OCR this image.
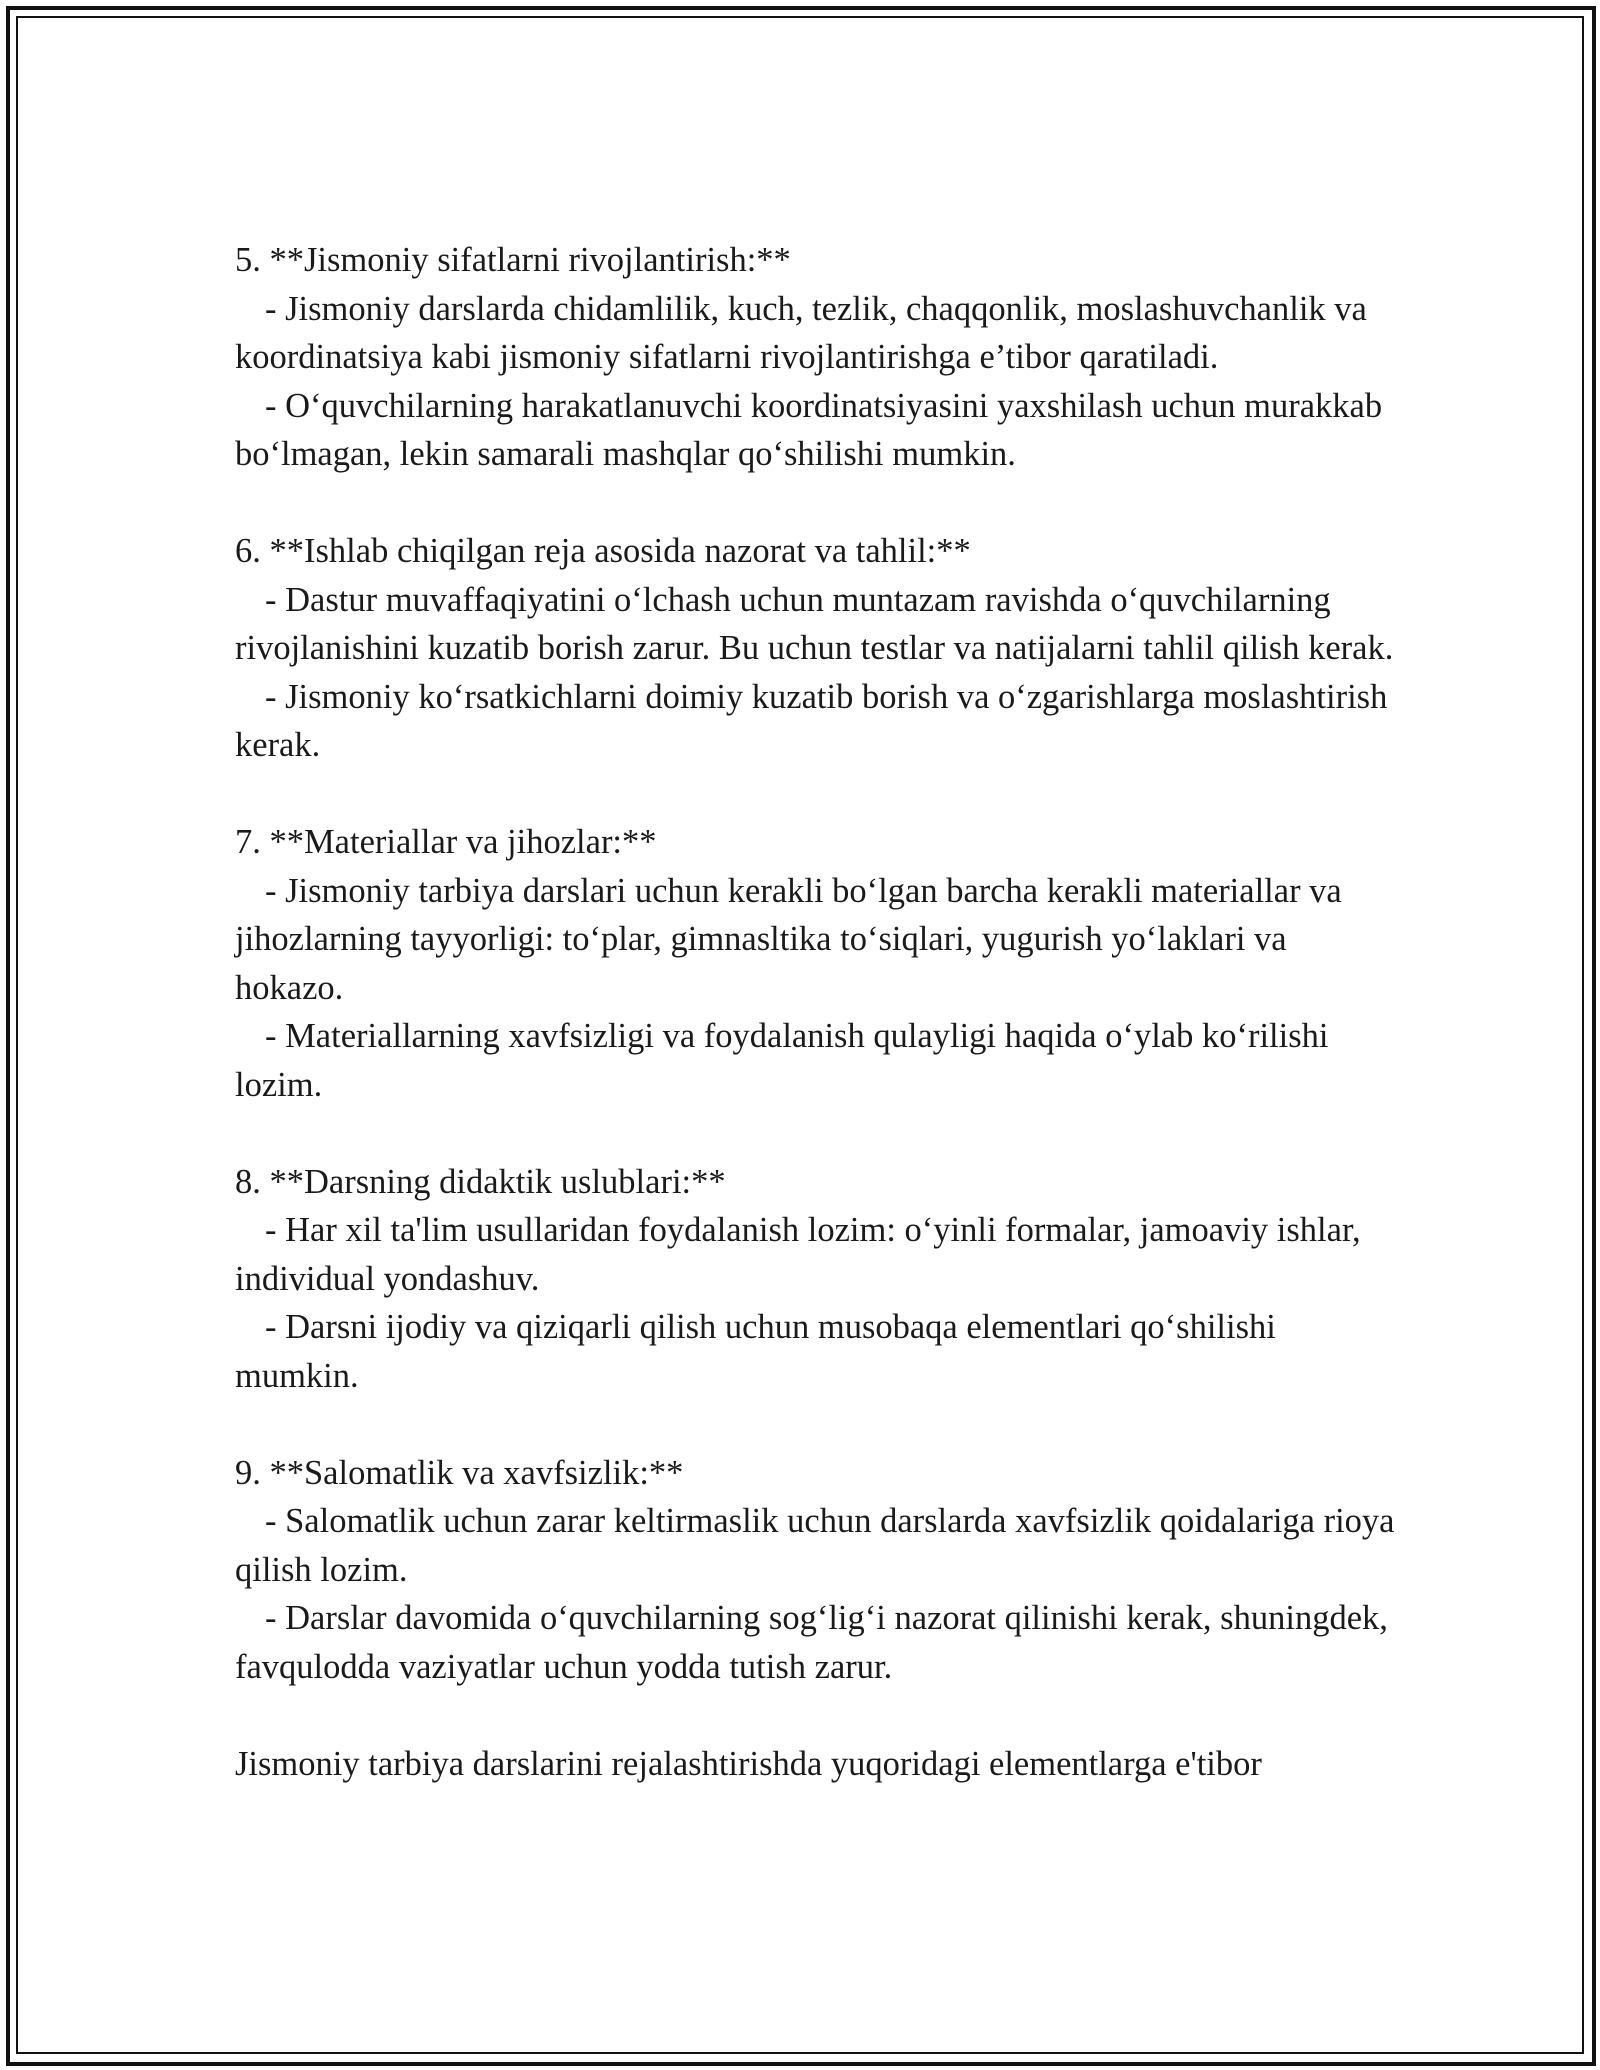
5. **Jismoniy sifatlarni rivojlantirish:**

- Jismoniy darslarda chidamlilik, kuch, tezlik, chaqqonlik, moslashuvchanlik va koordinatsiya kabi jismoniy sifatlarni rivojlantirishga e’tibor qaratiladi.

- O‘quvchilarning harakatlanuvchi koordinatsiyasini yaxshilash uchun murakkab bo‘lmagan, lekin samarali mashqlar qo‘shilishi mumkin.

6. **Ishlab chiqilgan reja asosida nazorat va tahlil:**

- Dastur muvaffaqiyatini o‘lchash uchun muntazam ravishda o‘quvchilarning rivojlanishini kuzatib borish zarur. Bu uchun testlar va natijalarni tahlil qilish kerak.

- Jismoniy ko‘rsatkichlarni doimiy kuzatib borish va o‘zgarishlarga moslashtirish kerak.

7. **Materiallar va jihozlar:**

- Jismoniy tarbiya darslari uchun kerakli bo‘lgan barcha kerakli materiallar va jihozlarning tayyorligi: to‘plar, gimnasltika to‘siqlari, yugurish yo‘laklari va hokazo.

- Materiallarning xavfsizligi va foydalanish qulayligi haqida o‘ylab ko‘rilishi lozim.

8. **Darsning didaktik uslublari:**

- Har xil ta'lim usullaridan foydalanish lozim: o‘yinli formalar, jamoaviy ishlar, individual yondashuv.

- Darsni ijodiy va qiziqarli qilish uchun musobaqa elementlari qo‘shilishi mumkin.

9. **Salomatlik va xavfsizlik:**

- Salomatlik uchun zarar keltirmaslik uchun darslarda xavfsizlik qoidalariga rioya qilish lozim.

- Darslar davomida o‘quvchilarning sog‘lig‘i nazorat qilinishi kerak, shuningdek, favqulodda vaziyatlar uchun yodda tutish zarur.

Jismoniy tarbiya darslarini rejalashtirishda yuqoridagi elementlarga e'tibor
